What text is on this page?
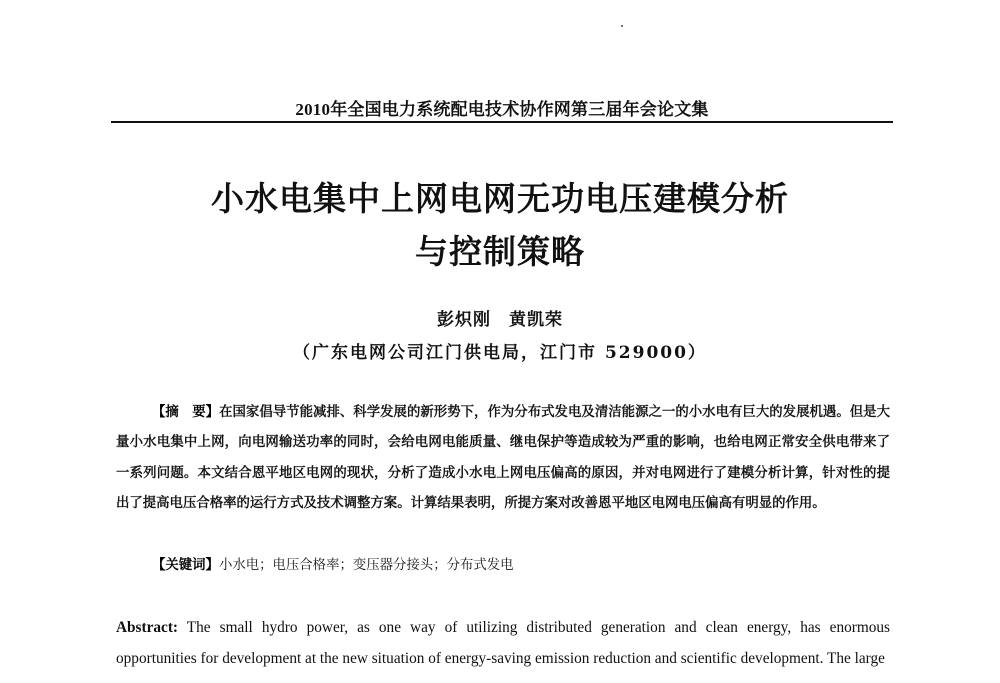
2010年全国电力系统配电技术协作网第三届年会论文集
小水电集中上网电网无功电压建模分析
与控制策略
彭炽刚　黄凯荣
（广东电网公司江门供电局，江门市 529000）

【摘　要】在国家倡导节能减排、科学发展的新形势下，作为分布式发电及清洁能源之一的小水电有巨大的发展机遇。但是大量小水电集中上网，向电网输送功率的同时，会给电网电能质量、继电保护等造成较为严重的影响，也给电网正常安全供电带来了一系列问题。本文结合恩平地区电网的现状，分析了造成小水电上网电压偏高的原因，并对电网进行了建模分析计算，针对性的提出了提高电压合格率的运行方式及技术调整方案。计算结果表明，所提方案对改善恩平地区电网电压偏高有明显的作用。

【关键词】小水电；电压合格率；变压器分接头；分布式发电
Abstract: The small hydro power, as one way of utilizing distributed generation and clean energy, has enormous opportunities for development at the new situation of energy-saving emission reduction and scientific development. The large
